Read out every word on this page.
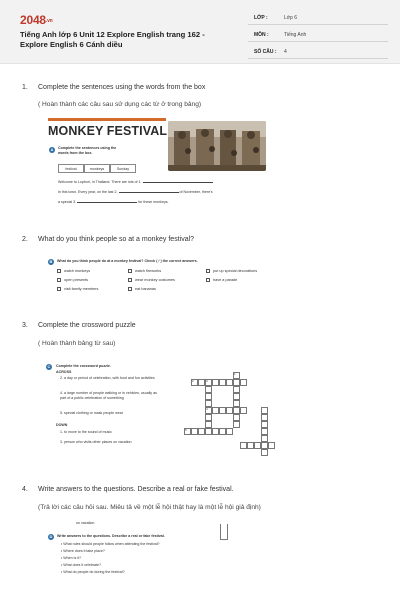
2048.vn
Tiếng Anh lớp 6 Unit 12 Explore English trang 162 - Explore English 6 Cánh diều
LỚP :	Lớp 6
MÔN :	Tiếng Anh
SỐ CÂU : 4
1. Complete the sentences using the words from the box
( Hoàn thành các câu sau sử dụng các từ ở trong bảng)
MONKEY FESTIVAL
A	Complete the sentences using the words from the box.
festival	monkeys	Sunday
Welcome to Lopburi, in Thailand. There are lots of 1.
in this town. Every year, on the last 2.	of November, there's
a special 3.	for these monkeys.
2. What do you think people so at a monkey festival?
B	What do you think people do at a monkey festival? Check (✓) the correct answers.
watch monkeys	watch fireworks	put up special decorations
open presents	wear monkey costumes	have a parade
visit family members	eat bananas
3. Complete the crossword puzzle
( Hoàn thành bảng từ sau)
C	Complete the crossword puzzle.
ACROSS
2. a day or period of celebration, with food and fun activities
4. a large number of people walking or in vehicles, usually as part of a public celebration of something
5. special clothing or mask people wear
DOWN
1. to move to the sound of music
3. person who visits other places on vacation
1
2	3
4
5
4. Write answers to the questions. Describe a real or fake festival.
(Trả lời các câu hỏi sau. Miêu tả về một lễ hội thật hay là một lễ hội giả định)
on vacation
D	Write answers to the questions. Describe a real or fake festival.
• What rules should people follow when attending the festival?
• Where does it take place?
• When is it?
• What does it celebrate?
• What do people do during the festival?
